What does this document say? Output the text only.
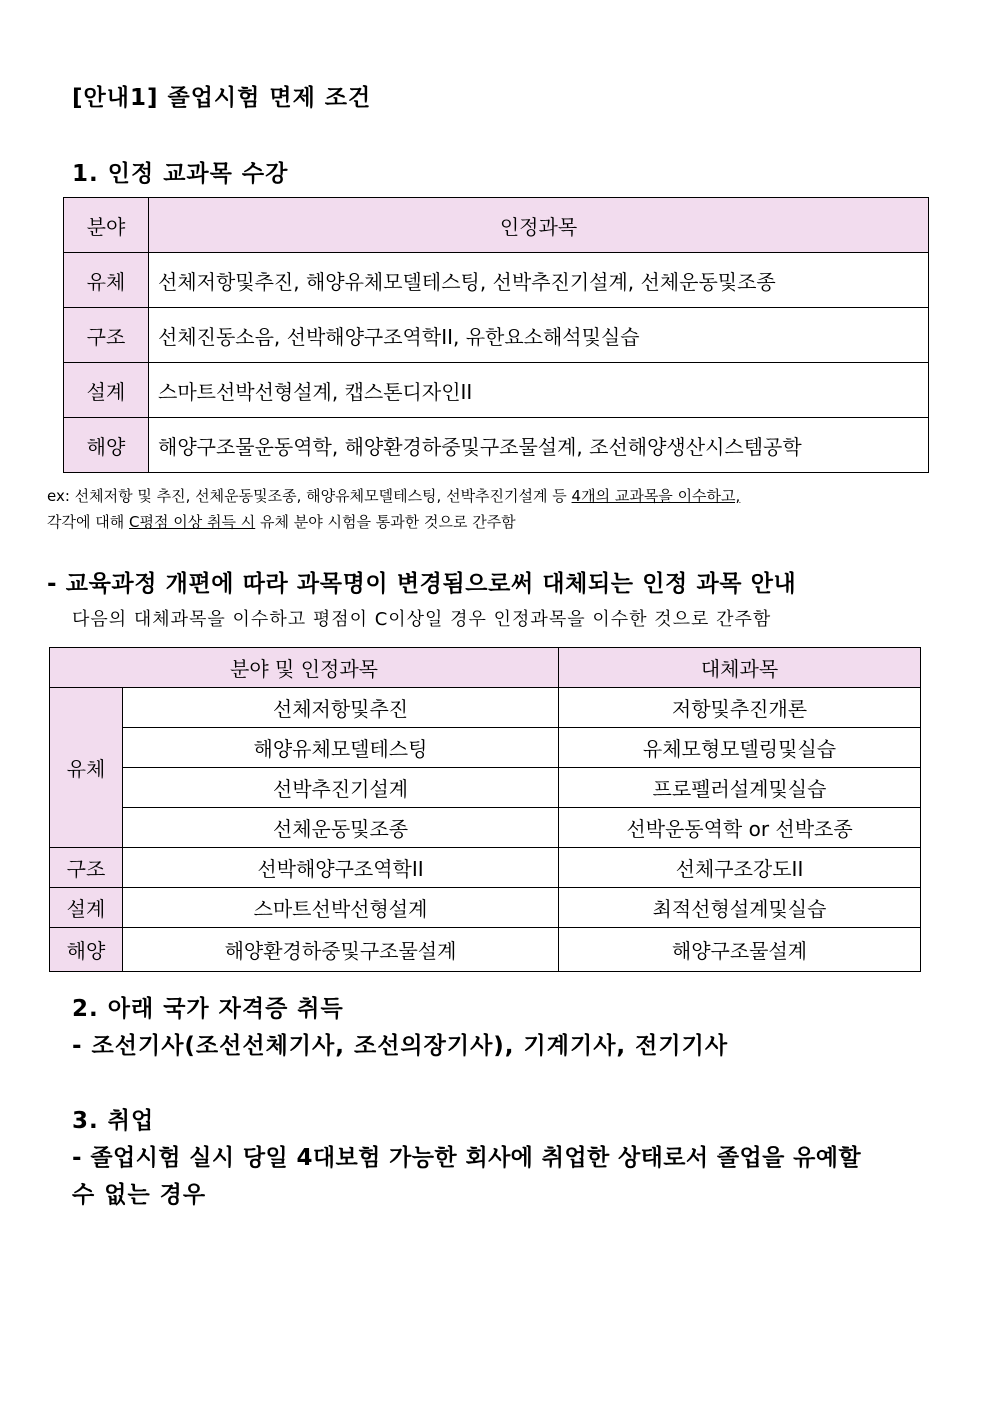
[안내1] 졸업시험 면제 조건

1. 인정 교과목 수강

분야	인정과목
유체	선체저항및추진, 해양유체모델테스팅, 선박추진기설계, 선체운동및조종
구조	선체진동소음, 선박해양구조역학II, 유한요소해석및실습
설계	스마트선박선형설계, 캡스톤디자인II
해양	해양구조물운동역학, 해양환경하중및구조물설계, 조선해양생산시스템공학

ex: 선체저항 및 추진, 선체운동및조종, 해양유체모델테스팅, 선박추진기설계 등 4개의 교과목을 이수하고,

각각에 대해 C평점 이상 취득 시 유체 분야 시험을 통과한 것으로 간주함

- 교육과정 개편에 따라 과목명이 변경됨으로써 대체되는 인정 과목 안내

다음의 대체과목을 이수하고 평점이 C이상일 경우 인정과목을 이수한 것으로 간주함

분야 및 인정과목		대체과목
유체	선체저항및추진	저항및추진개론
	해양유체모델테스팅	유체모형모델링및실습
	선박추진기설계	프로펠러설계및실습
	선체운동및조종	선박운동역학 or 선박조종
구조	선박해양구조역학II	선체구조강도II
설계	스마트선박선형설계	최적선형설계및실습
해양	해양환경하중및구조물설계	해양구조물설계

2. 아래 국가 자격증 취득

- 조선기사(조선선체기사, 조선의장기사), 기계기사, 전기기사

3. 취업

- 졸업시험 실시 당일 4대보험 가능한 회사에 취업한 상태로서 졸업을 유예할

수 없는 경우
